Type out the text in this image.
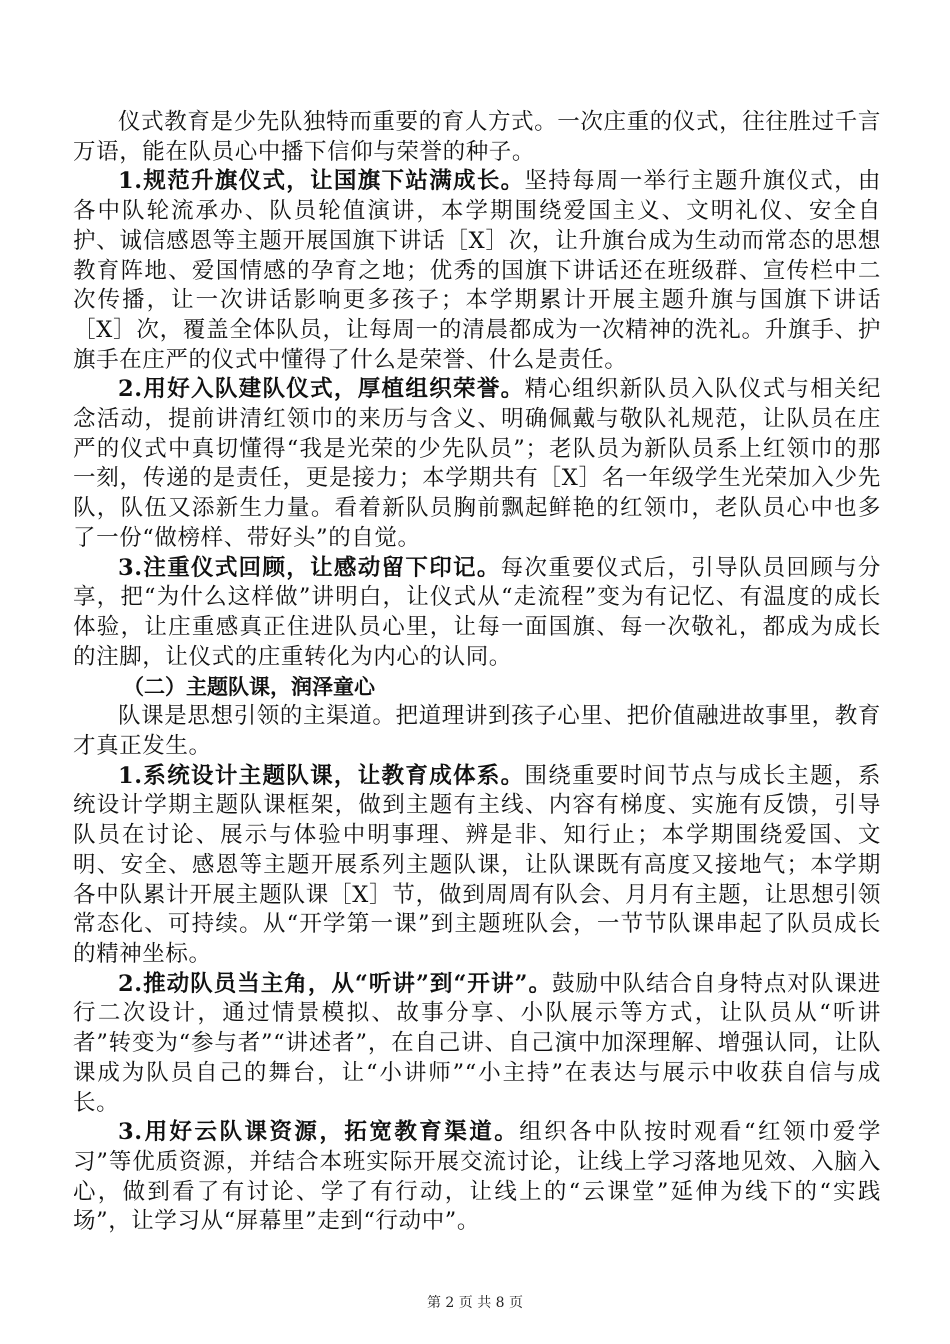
仪式教育是少先队独特而重要的育人方式。一次庄重的仪式，往往胜过千言万语，能在队员心中播下信仰与荣誉的种子。

1.规范升旗仪式，让国旗下站满成长。坚持每周一举行主题升旗仪式，由各中队轮流承办、队员轮值演讲，本学期围绕爱国主义、文明礼仪、安全自护、诚信感恩等主题开展国旗下讲话［X］次，让升旗台成为生动而常态的思想教育阵地、爱国情感的孕育之地；优秀的国旗下讲话还在班级群、宣传栏中二次传播，让一次讲话影响更多孩子；本学期累计开展主题升旗与国旗下讲话［X］次，覆盖全体队员，让每周一的清晨都成为一次精神的洗礼。升旗手、护旗手在庄严的仪式中懂得了什么是荣誉、什么是责任。

2.用好入队建队仪式，厚植组织荣誉。精心组织新队员入队仪式与相关纪念活动，提前讲清红领巾的来历与含义、明确佩戴与敬队礼规范，让队员在庄严的仪式中真切懂得“我是光荣的少先队员”；老队员为新队员系上红领巾的那一刻，传递的是责任，更是接力；本学期共有［X］名一年级学生光荣加入少先队，队伍又添新生力量。看着新队员胸前飘起鲜艳的红领巾，老队员心中也多了一份“做榜样、带好头”的自觉。

3.注重仪式回顾，让感动留下印记。每次重要仪式后，引导队员回顾与分享，把“为什么这样做”讲明白，让仪式从“走流程”变为有记忆、有温度的成长体验，让庄重感真正住进队员心里，让每一面国旗、每一次敬礼，都成为成长的注脚，让仪式的庄重转化为内心的认同。

（二）主题队课，润泽童心

队课是思想引领的主渠道。把道理讲到孩子心里、把价值融进故事里，教育才真正发生。

1.系统设计主题队课，让教育成体系。围绕重要时间节点与成长主题，系统设计学期主题队课框架，做到主题有主线、内容有梯度、实施有反馈，引导队员在讨论、展示与体验中明事理、辨是非、知行止；本学期围绕爱国、文明、安全、感恩等主题开展系列主题队课，让队课既有高度又接地气；本学期各中队累计开展主题队课［X］节，做到周周有队会、月月有主题，让思想引领常态化、可持续。从“开学第一课”到主题班队会，一节节队课串起了队员成长的精神坐标。

2.推动队员当主角，从“听讲”到“开讲”。鼓励中队结合自身特点对队课进行二次设计，通过情景模拟、故事分享、小队展示等方式，让队员从“听讲者”转变为“参与者”“讲述者”，在自己讲、自己演中加深理解、增强认同，让队课成为队员自己的舞台，让“小讲师”“小主持”在表达与展示中收获自信与成长。

3.用好云队课资源，拓宽教育渠道。组织各中队按时观看“红领巾爱学习”等优质资源，并结合本班实际开展交流讨论，让线上学习落地见效、入脑入心，做到看了有讨论、学了有行动，让线上的“云课堂”延伸为线下的“实践场”，让学习从“屏幕里”走到“行动中”。

第 2 页 共 8 页
